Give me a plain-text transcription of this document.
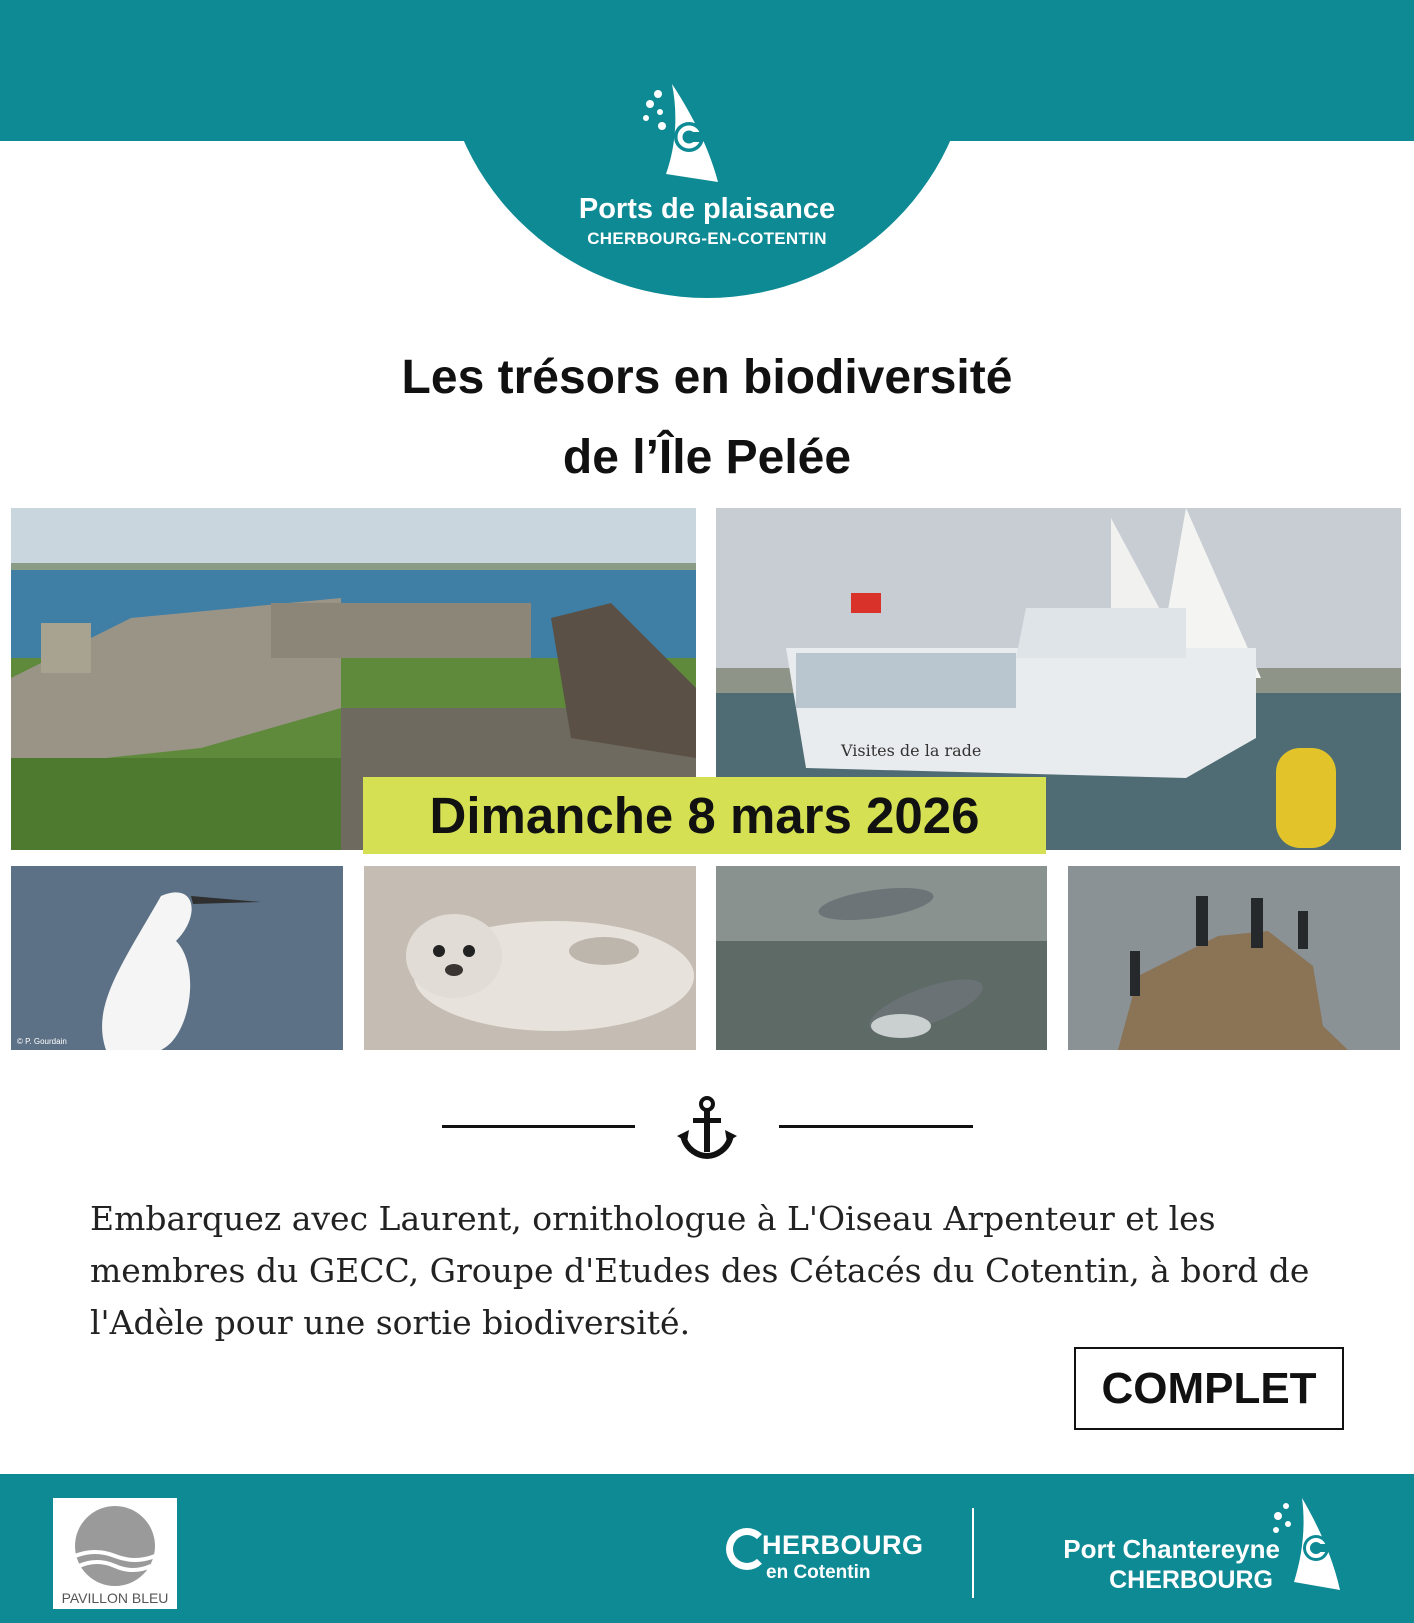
Ports de plaisance
CHERBOURG-EN-COTENTIN
Les trésors en biodiversité
de l’Île Pelée
Visites de la rade
Dimanche 8 mars 2026
© P. Gourdain
Embarquez avec Laurent, ornithologue à L'Oiseau Arpenteur et les membres du GECC, Groupe d'Etudes des Cétacés du Cotentin, à bord de l'Adèle pour une sortie biodiversité.
COMPLET
PAVILLON BLEU
HERBOURG
en Cotentin
Port Chantereyne
CHERBOURG
